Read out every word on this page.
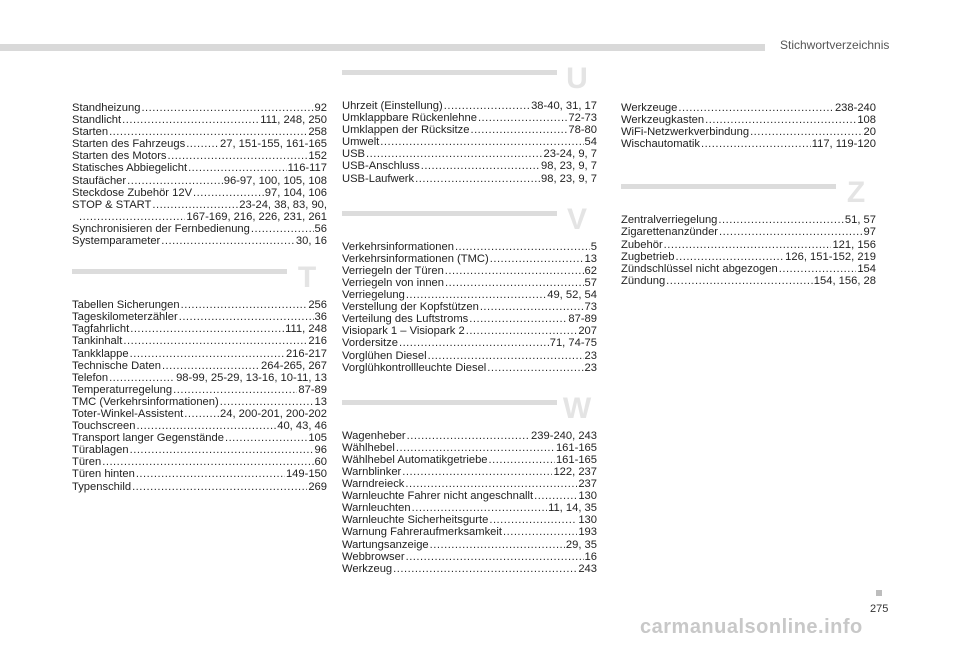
Stichwortverzeichnis
Standheizung .....	92
Standlicht .....	111, 248, 250
Starten .....	258
Starten des Fahrzeugs .....	27, 151-155, 161-165
Starten des Motors .....	152
Statisches Abbiegelicht .....	116-117
Staufächer .....	96-97, 100, 105, 108
Steckdose Zubehör 12V .....	97, 104, 106
STOP & START .....	23-24, 38, 83, 90,
.....
167-169, 216, 226, 231, 261
Synchronisieren der Fernbedienung .....	56
Systemparameter .....	30, 16
T
Tabellen Sicherungen .....	256
Tageskilometerzähler .....	36
Tagfahrlicht .....	111, 248
Tankinhalt .....	216
Tankklappe .....	216-217
Technische Daten .....	264-265, 267
Telefon .....	98-99, 25-29, 13-16, 10-11, 13
Temperaturregelung .....	87-89
TMC (Verkehrsinformationen) .....	13
Toter-Winkel-Assistent .....	24, 200-201, 200-202
Touchscreen .....	40, 43, 46
Transport langer Gegenstände .....	105
Türablagen .....	96
Türen .....	60
Türen hinten .....	149-150
Typenschild .....	269
U
Uhrzeit (Einstellung) .....	38-40, 31, 17
Umklappbare Rückenlehne .....	72-73
Umklappen der Rücksitze .....	78-80
Umwelt .....	54
USB .....	23-24, 9, 7
USB-Anschluss .....	98, 23, 9, 7
USB-Laufwerk .....	98, 23, 9, 7
V
Verkehrsinformationen .....	5
Verkehrsinformationen (TMC) .....	13
Verriegeln der Türen .....	62
Verriegeln von innen .....	57
Verriegelung .....	49, 52, 54
Verstellung der Kopfstützen .....	73
Verteilung des Luftstroms .....	87-89
Visiopark 1 – Visiopark 2 .....	207
Vordersitze .....	71, 74-75
Vorglühen Diesel .....	23
Vorglühkontrollleuchte Diesel .....	23
W
Wagenheber .....	239-240, 243
Wählhebel .....	161-165
Wählhebel Automatikgetriebe .....	161-165
Warnblinker .....	122, 237
Warndreieck .....	237
Warnleuchte Fahrer nicht angeschnallt .....	130
Warnleuchten .....	11, 14, 35
Warnleuchte Sicherheitsgurte .....	130
Warnung Fahreraufmerksamkeit .....	193
Wartungsanzeige .....	29, 35
Webbrowser .....	16
Werkzeug .....	243
Werkzeuge .....	238-240
Werkzeugkasten .....	108
WiFi-Netzwerkverbindung .....	20
Wischautomatik .....	117, 119-120
Z
Zentralverriegelung .....	51, 57
Zigarettenanzünder .....	97
Zubehör .....	121, 156
Zugbetrieb .....	126, 151-152, 219
Zündschlüssel nicht abgezogen .....	154
Zündung .....	154, 156, 28
275
carmanualsonline.info
